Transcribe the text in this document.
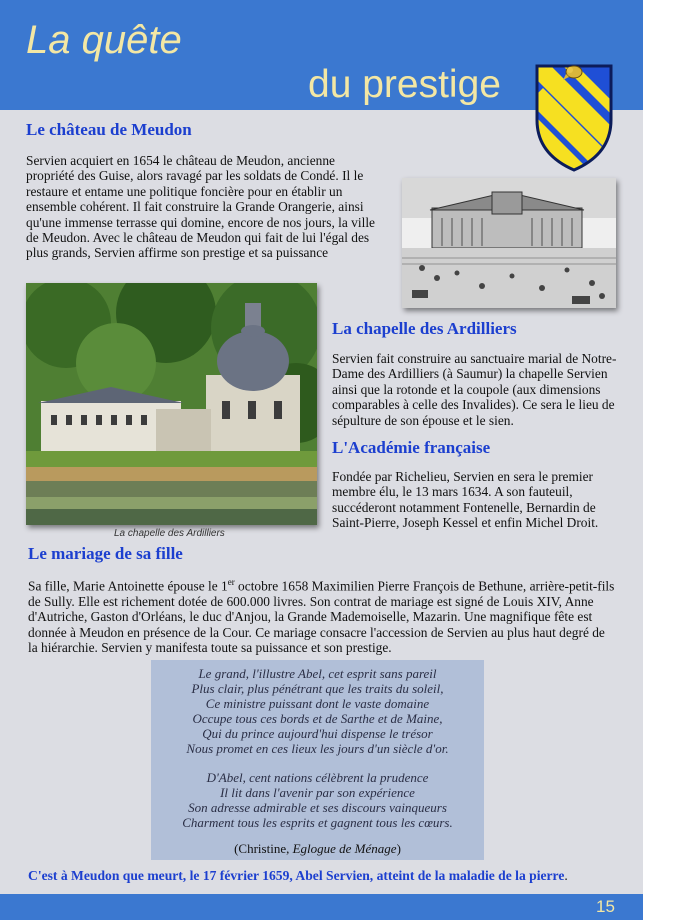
La quête
du prestige
Le château de Meudon

Servien acquiert en 1654 le château de Meudon, ancienne propriété des Guise, alors ravagé par les soldats de Condé. Il le restaure et entame une politique foncière pour en établir un ensemble cohérent. Il fait construire la Grande Orangerie, ainsi qu'une immense terrasse qui domine, encore de nos jours, la ville de Meudon. Avec le château de Meudon qui fait de lui l'égal des plus grands, Servien affirme son prestige et sa puissance

La chapelle des Ardilliers

La chapelle des Ardilliers

Servien fait construire au sanctuaire marial de Notre-Dame des Ardilliers (à Saumur) la chapelle Servien ainsi que la rotonde et la coupole (aux dimensions comparables à celle des Invalides). Ce sera le lieu de sépulture de son épouse et le sien.

L'Académie française

Fondée par Richelieu, Servien en sera le premier membre élu, le 13 mars 1634. A son fauteuil, succéderont notamment Fontenelle, Bernardin de Saint-Pierre, Joseph Kessel et enfin Michel Droit.

Le mariage de sa fille

Sa fille, Marie Antoinette épouse le 1er octobre 1658 Maximilien Pierre François de Bethune, arrière-petit-fils de Sully. Elle est richement dotée de 600.000 livres. Son contrat de mariage est signé de Louis XIV, Anne d'Autriche, Gaston d'Orléans, le duc d'Anjou, la Grande Mademoiselle, Mazarin. Une magnifique fête est donnée à Meudon en présence de la Cour. Ce mariage consacre l'accession de Servien au plus haut degré de la hiérarchie. Servien y manifesta toute sa puissance et son prestige.

Le grand, l'illustre Abel, cet esprit sans pareil

Plus clair, plus pénétrant que les traits du soleil,

Ce ministre puissant dont le vaste domaine

Occupe tous ces bords et de Sarthe et de Maine,

Qui du prince aujourd'hui dispense le trésor

Nous promet en ces lieux les jours d'un siècle d'or.

D'Abel, cent nations célèbrent la prudence

Il lit dans l'avenir par son expérience

Son adresse admirable et ses discours vainqueurs

Charment tous les esprits et gagnent tous les cœurs.

(Christine, Eglogue de Ménage)

C'est à Meudon que meurt, le 17 février 1659, Abel Servien, atteint de la maladie de la pierre.

15
